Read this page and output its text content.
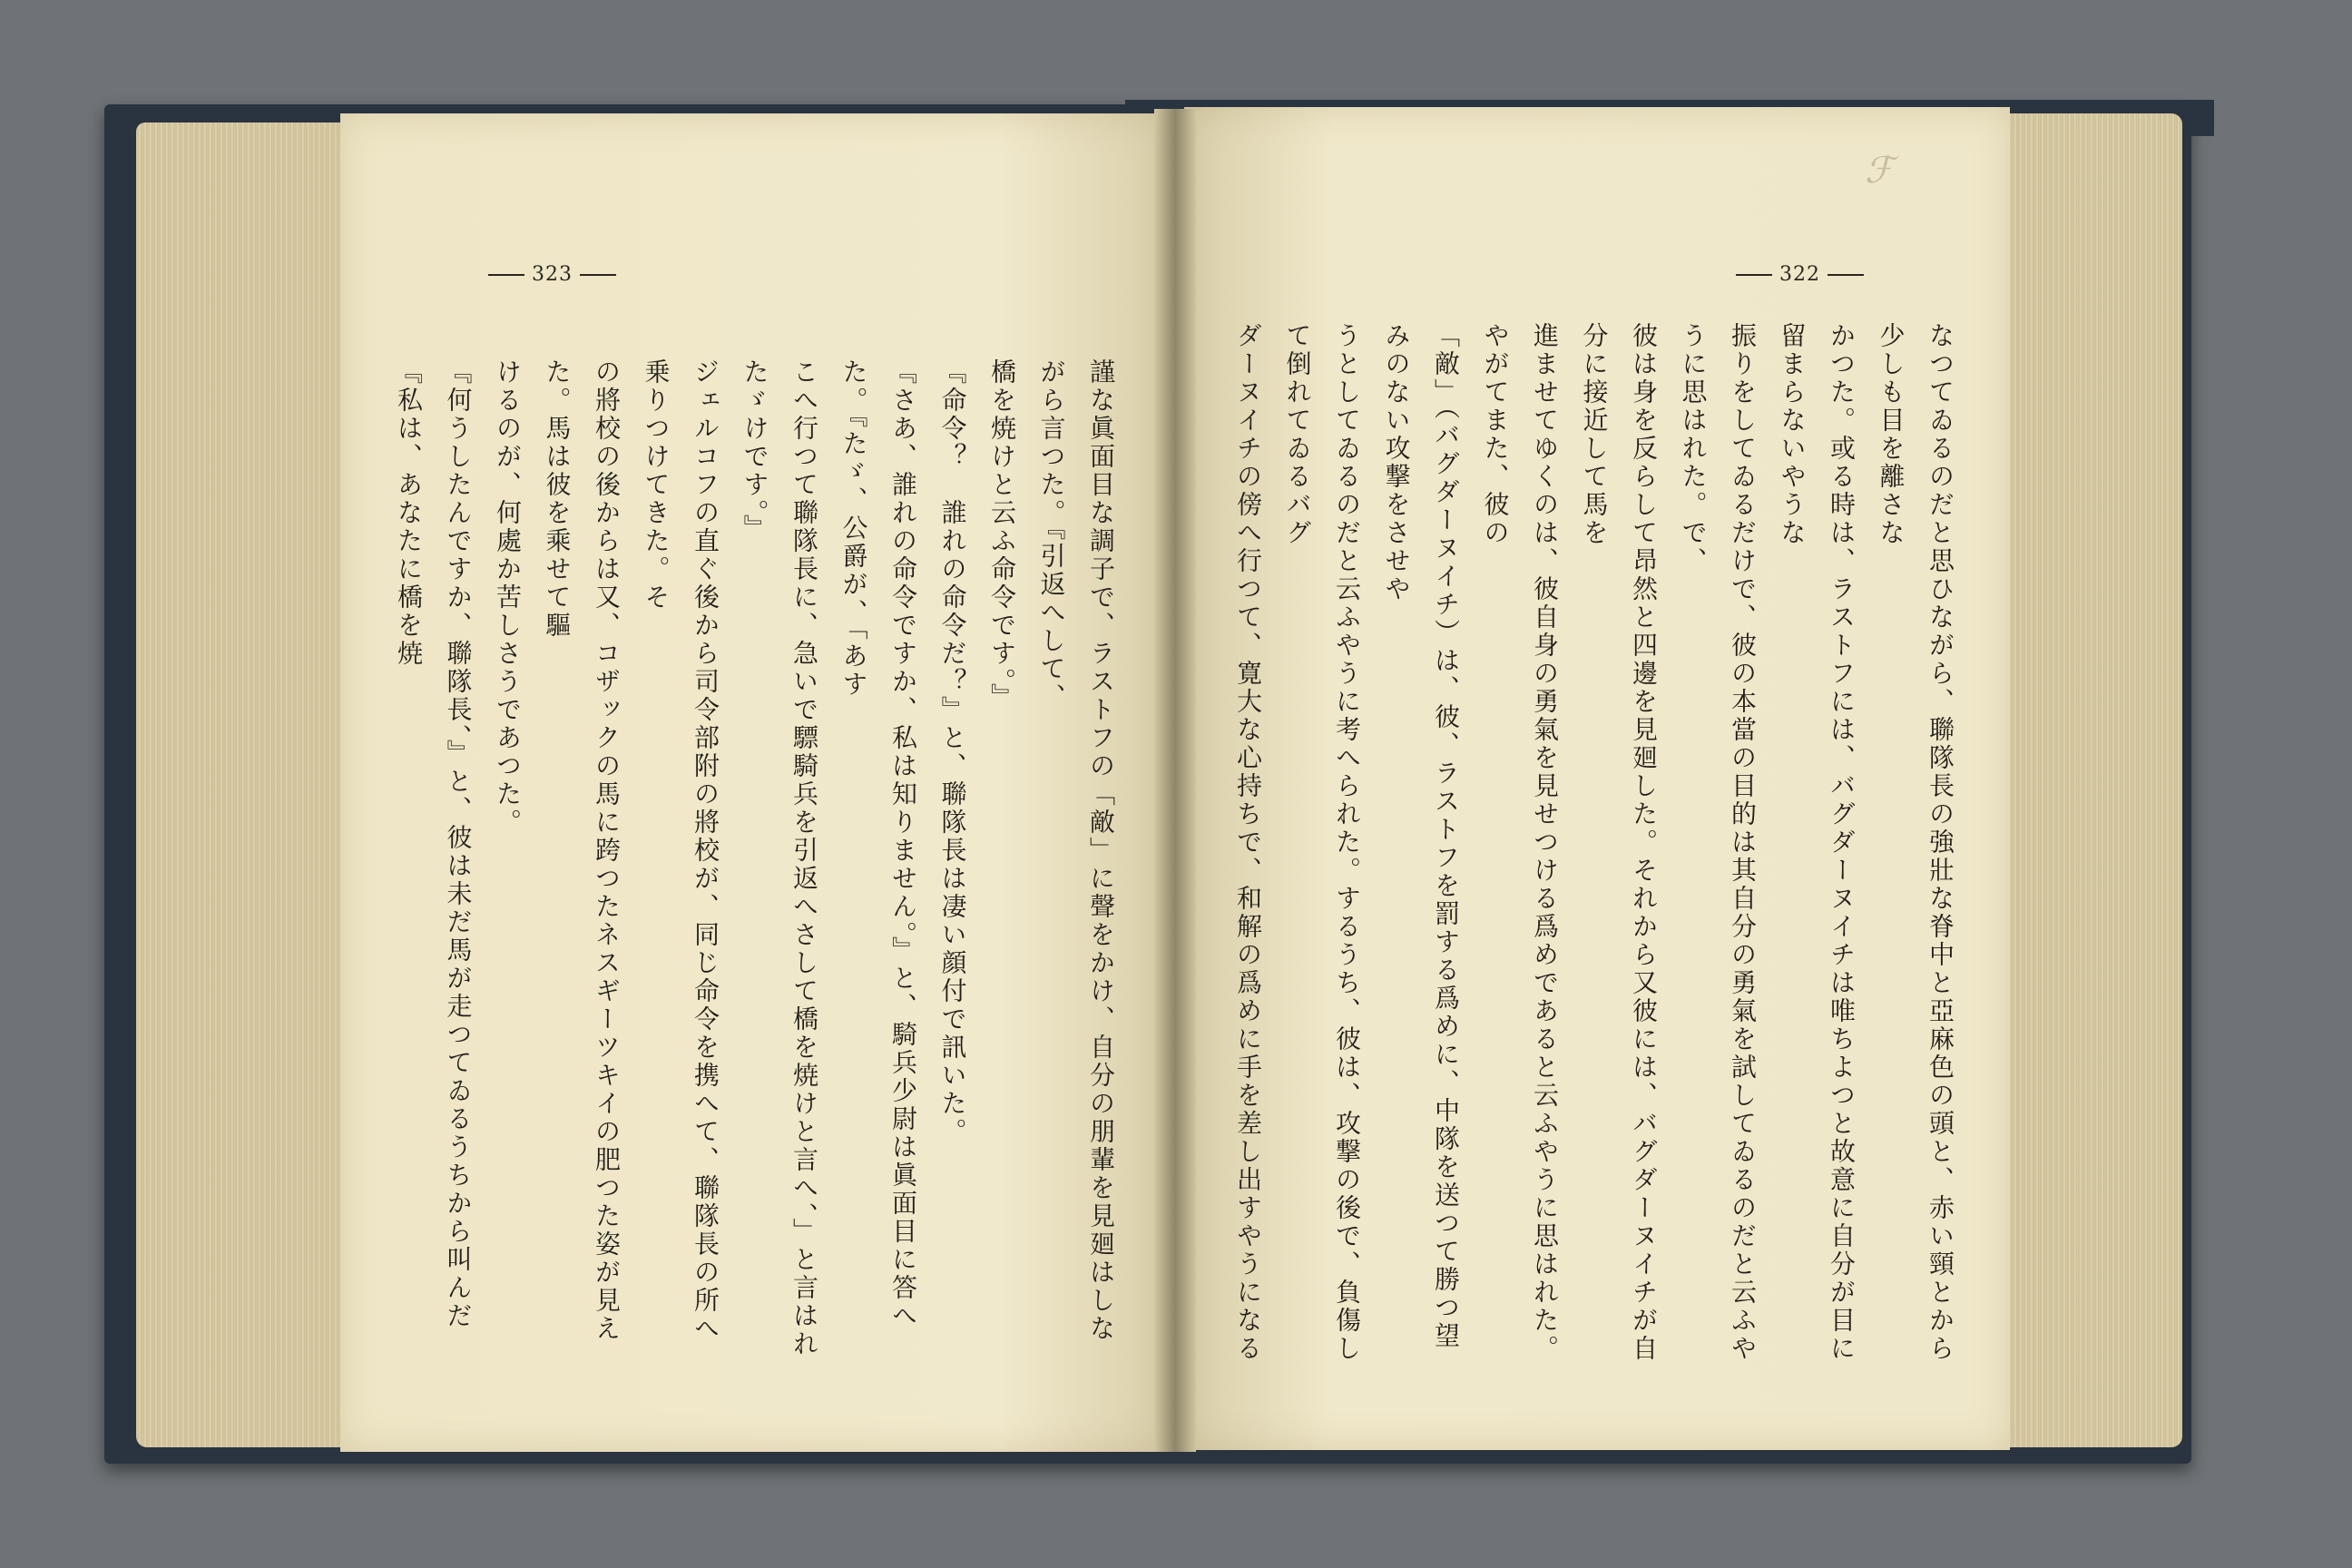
323	322
ℱ

謹な眞面目な調子で、ラストフの「敵」に聲をかけ、自分の朋輩を見廻はしながら言つた。『引返へして、

橋を焼けと云ふ命令です。』

『命令？　誰れの命令だ？』と、聯隊長は凄い顔付で訊いた。

『さあ、誰れの命令ですか、私は知りません。』と、騎兵少尉は眞面目に答へた。『たゞ、公爵が、「あす

こへ行つて聯隊長に、急いで驃騎兵を引返へさして橋を焼けと言へ、」と言はれたゞけです。』

ジェルコフの直ぐ後から司令部附の將校が、同じ命令を携へて、聯隊長の所へ乗りつけてきた。そ

の將校の後からは又、コザックの馬に跨つたネスギーツキイの肥つた姿が見えた。馬は彼を乘せて驅

けるのが、何處か苦しさうであつた。

『何うしたんですか、聯隊長、』と、彼は未だ馬が走つてゐるうちから叫んだ『私は、あなたに橋を焼	なつてゐるのだと思ひながら、聯隊長の強壯な脊中と亞麻色の頭と、赤い頸とから少しも目を離さな

かつた。或る時は、ラストフには、バグダーヌイチは唯ちよつと故意に自分が目に留まらないやうな

振りをしてゐるだけで、彼の本當の目的は其自分の勇氣を試してゐるのだと云ふやうに思はれた。で、

彼は身を反らして昂然と四邊を見廻した。それから又彼には、バグダーヌイチが自分に接近して馬を

進ませてゆくのは、彼自身の勇氣を見せつける爲めであると云ふやうに思はれた。やがてまた、彼の

「敵」（バグダーヌイチ）は、彼、ラストフを罰する爲めに、中隊を送つて勝つ望みのない攻撃をさせや

うとしてゐるのだと云ふやうに考へられた。するうち、彼は、攻撃の後で、負傷して倒れてゐるバグ

ダーヌイチの傍へ行つて、寛大な心持ちで、和解の爲めに手を差し出すやうになる
